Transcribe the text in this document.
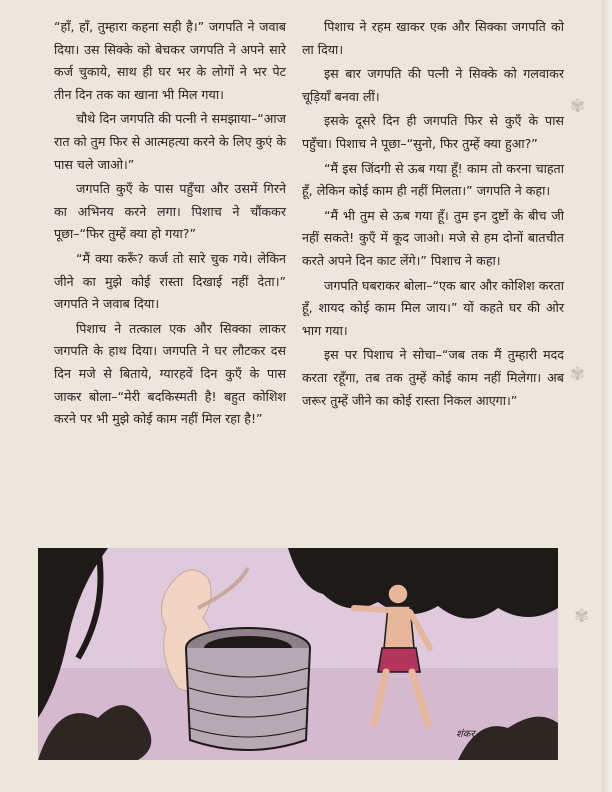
“हाँ, हाँ, तुम्हारा कहना सही है।” जगपति ने जवाब दिया। उस सिक्के को बेचकर जगपति ने अपने सारे कर्ज चुकाये, साथ ही घर भर के लोगों ने भर पेट तीन दिन तक का खाना भी मिल गया।

चौथे दिन जगपति की पत्नी ने समझाया–“आज रात को तुम फिर से आत्महत्या करने के लिए कुएं के पास चले जाओ।”

जगपति कुएँ के पास पहुँचा और उसमें गिरने का अभिनय करने लगा। पिशाच ने चौंककर पूछा–“फिर तुम्हें क्या हो गया?”

“मैं क्या करूँ? कर्ज तो सारे चुक गये। लेकिन जीने का मुझे कोई रास्ता दिखाई नहीं देता।” जगपति ने जवाब दिया।

पिशाच ने तत्काल एक और सिक्का लाकर जगपति के हाथ दिया। जगपति ने घर लौटकर दस दिन मजे से बिताये, ग्यारहवें दिन कुएँ के पास जाकर बोला–“मेरी बदकिस्मती है! बहुत कोशिश करने पर भी मुझे कोई काम नहीं मिल रहा है!”

पिशाच ने रहम खाकर एक और सिक्का जगपति को ला दिया।

इस बार जगपति की पत्नी ने सिक्के को गलवाकर चूड़ियाँ बनवा लीं।

इसके दूसरे दिन ही जगपति फिर से कुएँ के पास पहुँचा। पिशाच ने पूछा–“सुनो, फिर तुम्हें क्या हुआ?”

“मैं इस जिंदगी से ऊब गया हूँ! काम तो करना चाहता हूँ, लेकिन कोई काम ही नहीं मिलता।” जगपति ने कहा।

“मैं भी तुम से ऊब गया हूँ। तुम इन दुष्टों के बीच जी नहीं सकते! कुएँ में कूद जाओ। मजे से हम दोनों बातचीत करते अपने दिन काट लेंगे।” पिशाच ने कहा।

जगपति घबराकर बोला–“एक बार और कोशिश करता हूँ, शायद कोई काम मिल जाय।” यों कहते घर की ओर भाग गया।

इस पर पिशाच ने सोचा–“जब तक मैं तुम्हारी मदद करता रहूँगा, तब तक तुम्हें कोई काम नहीं मिलेगा। अब जरूर तुम्हें जीने का कोई रास्ता निकल आएगा।”

✾
✾
✾
शंकर
